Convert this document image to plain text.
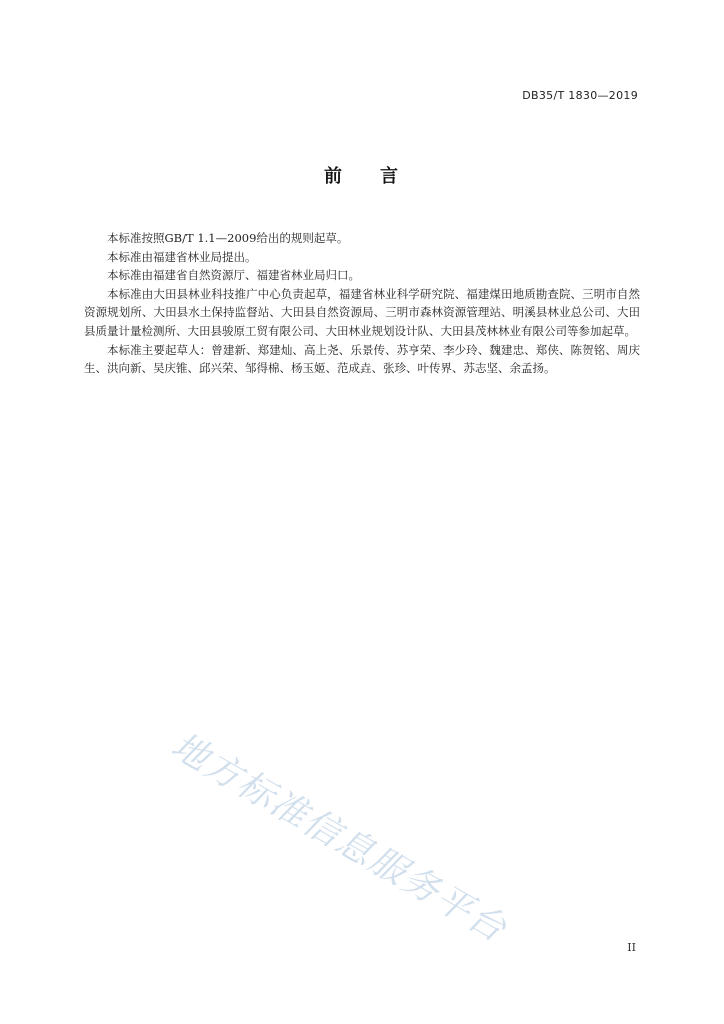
DB35/T 1830—2019
前 言

本标准按照GB/T 1.1—2009给出的规则起草。

本标准由福建省林业局提出。

本标准由福建省自然资源厅、福建省林业局归口。

本标准由大田县林业科技推广中心负责起草，福建省林业科学研究院、福建煤田地质勘查院、三明市自然资源规划所、大田县水土保持监督站、大田县自然资源局、三明市森林资源管理站、明溪县林业总公司、大田县质量计量检测所、大田县骏原工贸有限公司、大田林业规划设计队、大田县茂林林业有限公司等参加起草。

本标准主要起草人：曾建新、郑建灿、高上尧、乐景传、苏亨荣、李少玲、魏建忠、郑侠、陈贺铭、周庆生、洪向新、吴庆锥、邱兴荣、邹得棉、杨玉姬、范成垚、张珍、叶传界、苏志坚、余孟扬。

地方标准信息服务平台	II
